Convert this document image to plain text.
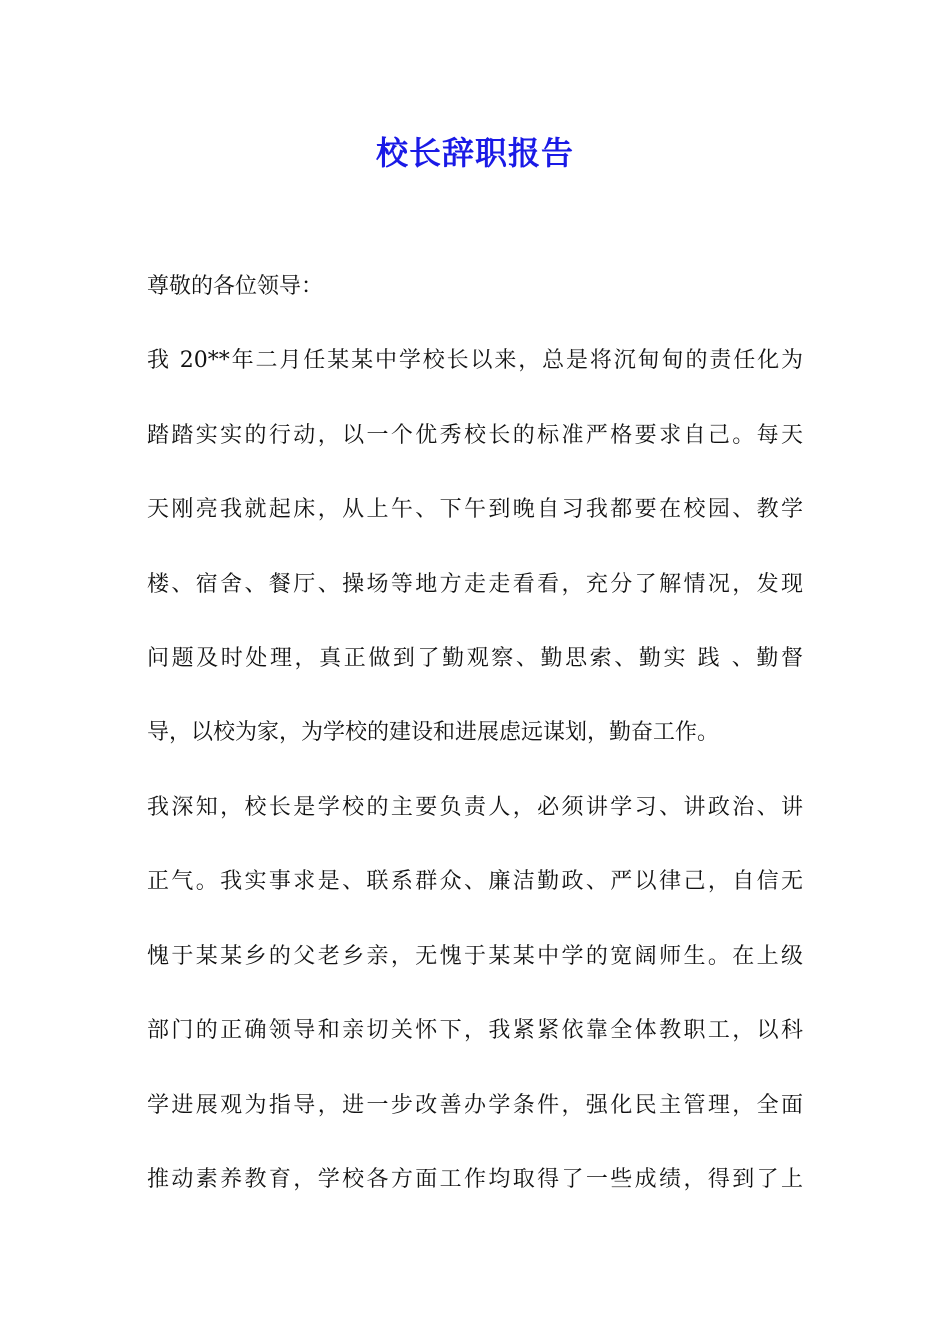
校长辞职报告
尊敬的各位领导：
我 20**年二月任某某中学校长以来，总是将沉甸甸的责任化为
踏踏实实的行动，以一个优秀校长的标准严格要求自己。每天
天刚亮我就起床，从上午、下午到晚自习我都要在校园、教学
楼、宿舍、餐厅、操场等地方走走看看，充分了解情况，发现
问题及时处理，真正做到了勤观察、勤思索、勤实 践 、勤督
导，以校为家，为学校的建设和进展虑远谋划，勤奋工作。
我深知，校长是学校的主要负责人，必须讲学习、讲政治、讲
正气。我实事求是、联系群众、廉洁勤政、严以律己，自信无
愧于某某乡的父老乡亲，无愧于某某中学的宽阔师生。在上级
部门的正确领导和亲切关怀下，我紧紧依靠全体教职工，以科
学进展观为指导，进一步改善办学条件，强化民主管理，全面
推动素养教育，学校各方面工作均取得了一些成绩，得到了上
